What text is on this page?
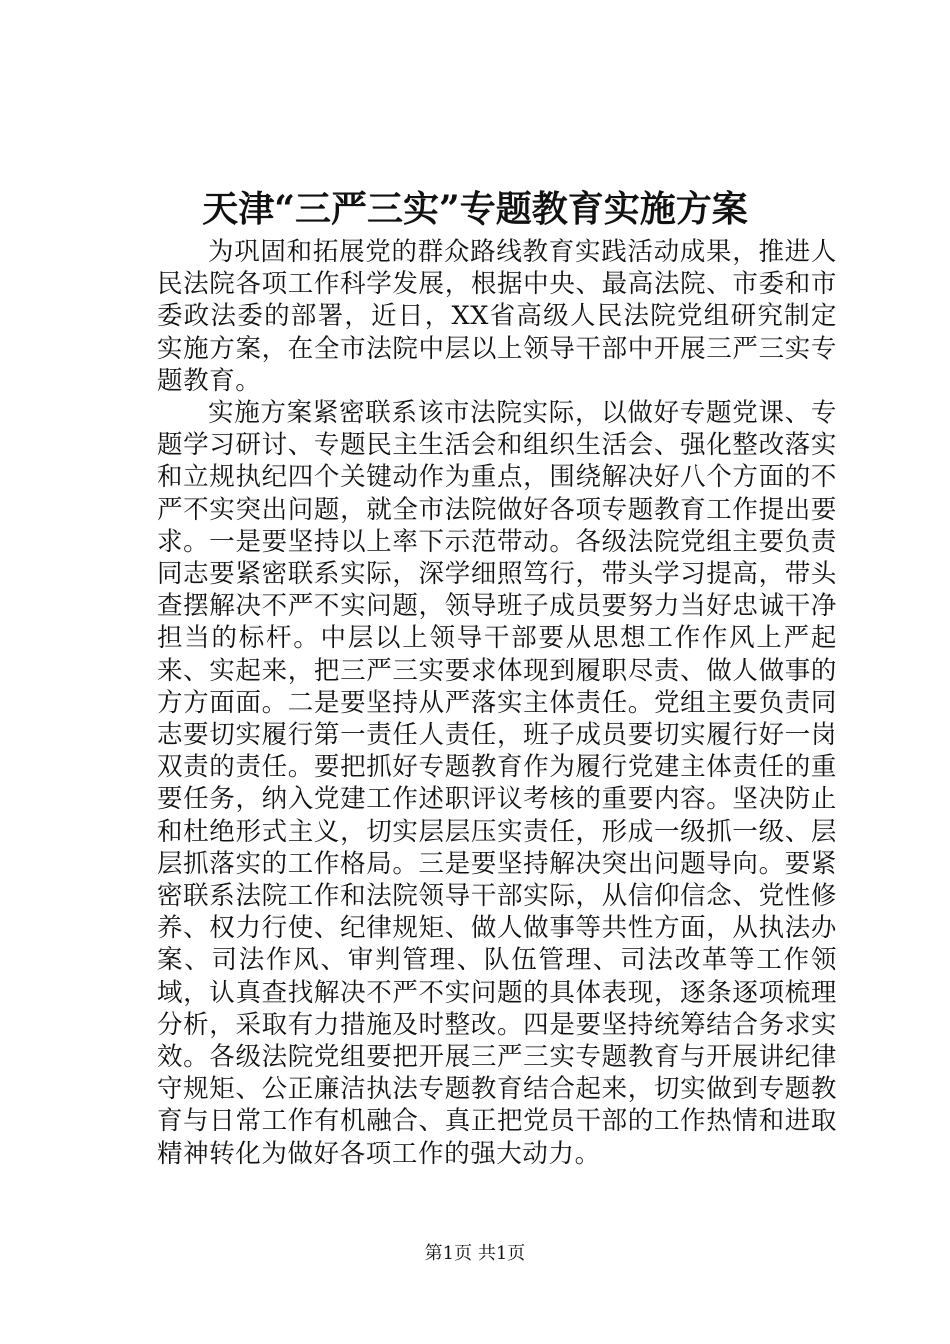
天津“三严三实”专题教育实施方案

为巩固和拓展党的群众路线教育实践活动成果，推进人民法院各项工作科学发展，根据中央、最高法院、市委和市委政法委的部署，近日，XX省高级人民法院党组研究制定实施方案，在全市法院中层以上领导干部中开展三严三实专题教育。

实施方案紧密联系该市法院实际，以做好专题党课、专题学习研讨、专题民主生活会和组织生活会、强化整改落实和立规执纪四个关键动作为重点，围绕解决好八个方面的不严不实突出问题，就全市法院做好各项专题教育工作提出要求。一是要坚持以上率下示范带动。各级法院党组主要负责同志要紧密联系实际，深学细照笃行，带头学习提高，带头查摆解决不严不实问题，领导班子成员要努力当好忠诚干净担当的标杆。中层以上领导干部要从思想工作作风上严起来、实起来，把三严三实要求体现到履职尽责、做人做事的方方面面。二是要坚持从严落实主体责任。党组主要负责同志要切实履行第一责任人责任，班子成员要切实履行好一岗双责的责任。要把抓好专题教育作为履行党建主体责任的重要任务，纳入党建工作述职评议考核的重要内容。坚决防止和杜绝形式主义，切实层层压实责任，形成一级抓一级、层层抓落实的工作格局。三是要坚持解决突出问题导向。要紧密联系法院工作和法院领导干部实际，从信仰信念、党性修养、权力行使、纪律规矩、做人做事等共性方面，从执法办案、司法作风、审判管理、队伍管理、司法改革等工作领域，认真查找解决不严不实问题的具体表现，逐条逐项梳理分析，采取有力措施及时整改。四是要坚持统筹结合务求实效。各级法院党组要把开展三严三实专题教育与开展讲纪律守规矩、公正廉洁执法专题教育结合起来，切实做到专题教育与日常工作有机融合、真正把党员干部的工作热情和进取精神转化为做好各项工作的强大动力。

第1页 共1页
